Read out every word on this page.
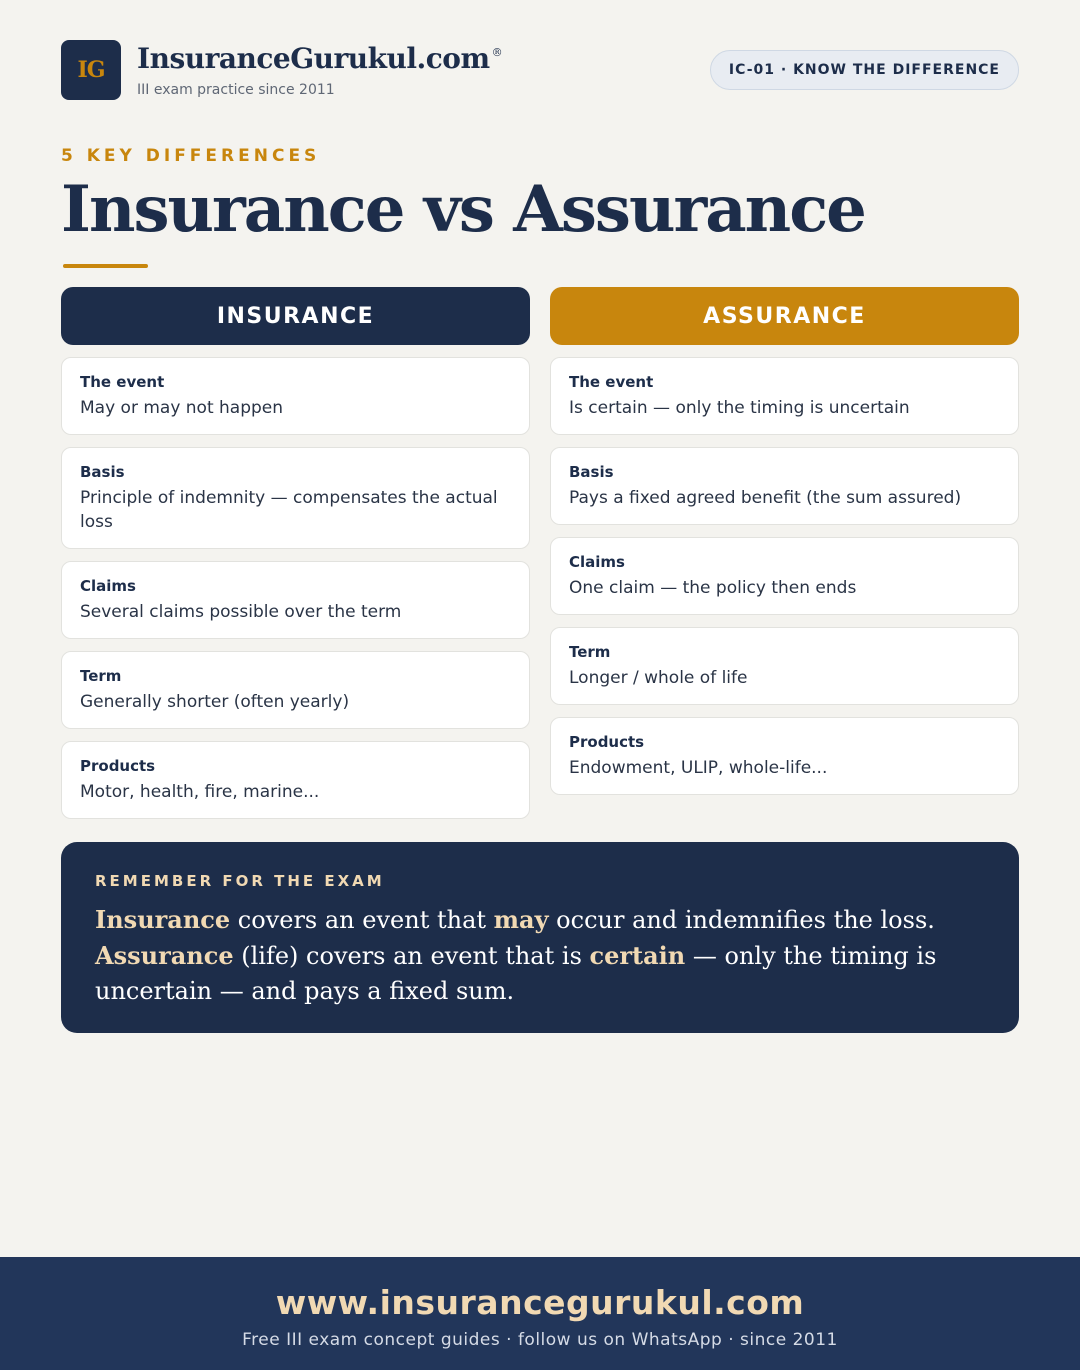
IG	InsuranceGurukul.com ®
III exam practice since 2011
IC-01 · KNOW THE DIFFERENCE
5 KEY DIFFERENCES
Insurance vs Assurance
INSURANCE
The event
May or may not happen
Basis
Principle of indemnity — compensates the actual loss
Claims
Several claims possible over the term
Term
Generally shorter (often yearly)
Products
Motor, health, fire, marine...
ASSURANCE
The event
Is certain — only the timing is uncertain
Basis
Pays a fixed agreed benefit (the sum assured)
Claims
One claim — the policy then ends
Term
Longer / whole of life
Products
Endowment, ULIP, whole-life...
REMEMBER FOR THE EXAM

Insurance covers an event that may occur and indemnifies the loss. Assurance (life) covers an event that is certain — only the timing is uncertain — and pays a fixed sum.

www.insurancegurukul.com
Free III exam concept guides · follow us on WhatsApp · since 2011
